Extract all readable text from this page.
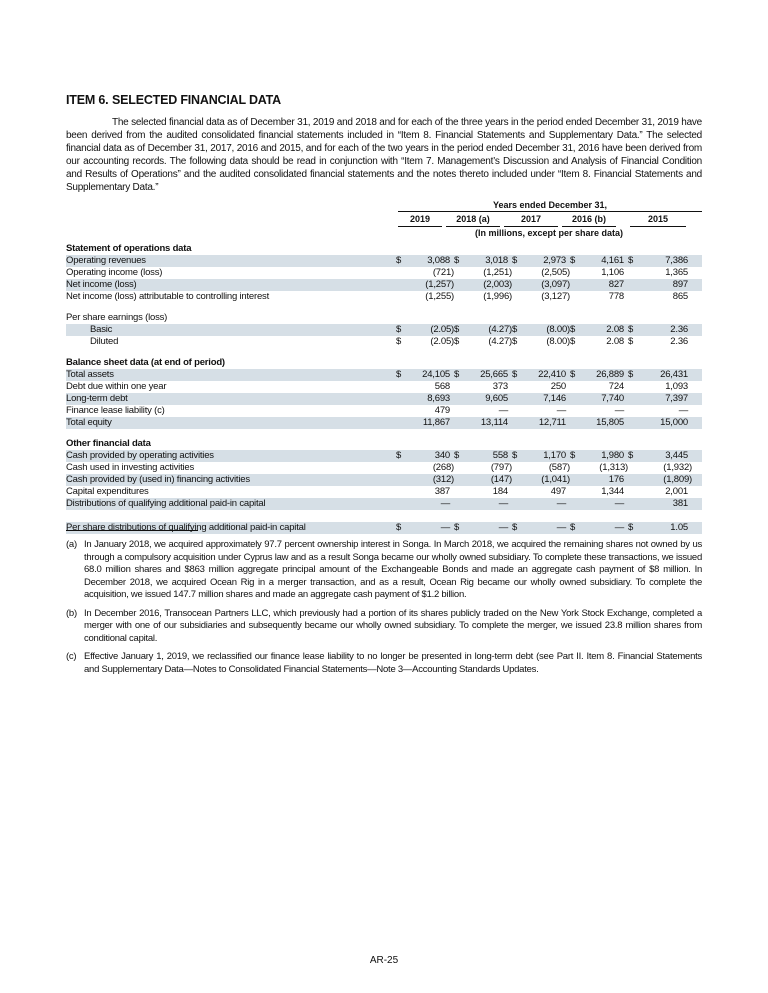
ITEM 6. SELECTED FINANCIAL DATA

The selected financial data as of December 31, 2019 and 2018 and for each of the three years in the period ended December 31, 2019 have been derived from the audited consolidated financial statements included in “Item 8. Financial Statements and Supplementary Data.” The selected financial data as of December 31, 2017, 2016 and 2015, and for each of the two years in the period ended December 31, 2016 have been derived from our accounting records. The following data should be read in conjunction with “Item 7. Management’s Discussion and Analysis of Financial Condition and Results of Operations” and the audited consolidated financial statements and the notes thereto included under “Item 8. Financial Statements and Supplementary Data.”

Years ended December 31,
2019	2018 (a)	2017	2016 (b)	2015
(In millions, except per share data)
Statement of operations data
Operating revenues	$	3,088 $	3,018 $	2,973 $	4,161 $	7,386
Operating income (loss)	(721)	(1,251)	(2,505)	1,106	1,365
Net income (loss)	(1,257)	(2,003)	(3,097)	827	897
Net income (loss) attributable to controlling interest	(1,255)	(1,996)	(3,127)	778	865
Per share earnings (loss)
Basic	$	(2.05) $	(4.27) $	(8.00) $	2.08 $	2.36
Diluted	$	(2.05) $	(4.27) $	(8.00) $	2.08 $	2.36
Balance sheet data (at end of period)
Total assets	$	24,105 $	25,665 $	22,410 $	26,889 $	26,431
Debt due within one year	568	373	250	724	1,093
Long-term debt	8,693	9,605	7,146	7,740	7,397
Finance lease liability (c)	479	—	—	—	—
Total equity	11,867	13,114	12,711	15,805	15,000
Other financial data
Cash provided by operating activities	$	340 $	558 $	1,170 $	1,980 $	3,445
Cash used in investing activities	(268)	(797)	(587)	(1,313)	(1,932)
Cash provided by (used in) financing activities	(312)	(147)	(1,041)	176	(1,809)
Capital expenditures	387	184	497	1,344	2,001
Distributions of qualifying additional paid-in capital	—	—	—	—	381
Per share distributions of qualifying additional paid-in capital	$	— $	— $	— $	— $	1.05
(a) In January 2018, we acquired approximately 97.7 percent ownership interest in Songa. In March 2018, we acquired the remaining shares not owned by us through a compulsory acquisition under Cyprus law and as a result Songa became our wholly owned subsidiary. To complete these transactions, we issued 68.0 million shares and $863 million aggregate principal amount of the Exchangeable Bonds and made an aggregate cash payment of $8 million. In December 2018, we acquired Ocean Rig in a merger transaction, and as a result, Ocean Rig became our wholly owned subsidiary. To complete the acquisition, we issued 147.7 million shares and made an aggregate cash payment of $1.2 billion.
(b) In December 2016, Transocean Partners LLC, which previously had a portion of its shares publicly traded on the New York Stock Exchange, completed a merger with one of our subsidiaries and subsequently became our wholly owned subsidiary. To complete the merger, we issued 23.8 million shares from conditional capital.
(c) Effective January 1, 2019, we reclassified our finance lease liability to no longer be presented in long-term debt (see Part II. Item 8. Financial Statements and Supplementary Data—Notes to Consolidated Financial Statements—Note 3—Accounting Standards Updates.
AR-25
